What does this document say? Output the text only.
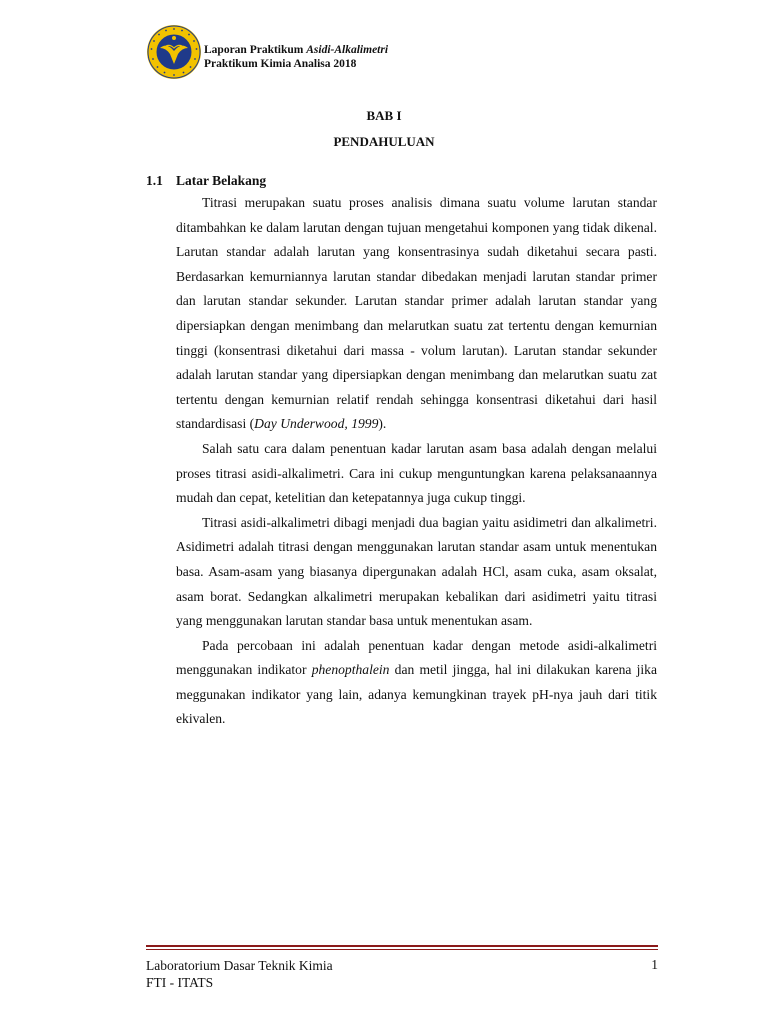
Laporan Praktikum Asidi-Alkalimetri
Praktikum Kimia Analisa 2018
BAB I
PENDAHULUAN
1.1 Latar Belakang

Titrasi merupakan suatu proses analisis dimana suatu volume larutan standar ditambahkan ke dalam larutan dengan tujuan mengetahui komponen yang tidak dikenal. Larutan standar adalah larutan yang konsentrasinya sudah diketahui secara pasti. Berdasarkan kemurniannya larutan standar dibedakan menjadi larutan standar primer dan larutan standar sekunder. Larutan standar primer adalah larutan standar yang dipersiapkan dengan menimbang dan melarutkan suatu zat tertentu dengan kemurnian tinggi (konsentrasi diketahui dari massa - volum larutan). Larutan standar sekunder adalah larutan standar yang dipersiapkan dengan menimbang dan melarutkan suatu zat tertentu dengan kemurnian relatif rendah sehingga konsentrasi diketahui dari hasil standardisasi (Day Underwood, 1999).

Salah satu cara dalam penentuan kadar larutan asam basa adalah dengan melalui proses titrasi asidi-alkalimetri. Cara ini cukup menguntungkan karena pelaksanaannya mudah dan cepat, ketelitian dan ketepatannya juga cukup tinggi.

Titrasi asidi-alkalimetri dibagi menjadi dua bagian yaitu asidimetri dan alkalimetri. Asidimetri adalah titrasi dengan menggunakan larutan standar asam untuk menentukan basa. Asam-asam yang biasanya dipergunakan adalah HCl, asam cuka, asam oksalat, asam borat. Sedangkan alkalimetri merupakan kebalikan dari asidimetri yaitu titrasi yang menggunakan larutan standar basa untuk menentukan asam.

Pada percobaan ini adalah penentuan kadar dengan metode asidi-alkalimetri menggunakan indikator phenopthalein dan metil jingga, hal ini dilakukan karena jika meggunakan indikator yang lain, adanya kemungkinan trayek pH-nya jauh dari titik ekivalen.

Laboratorium Dasar Teknik Kimia
FTI - ITATS
1
